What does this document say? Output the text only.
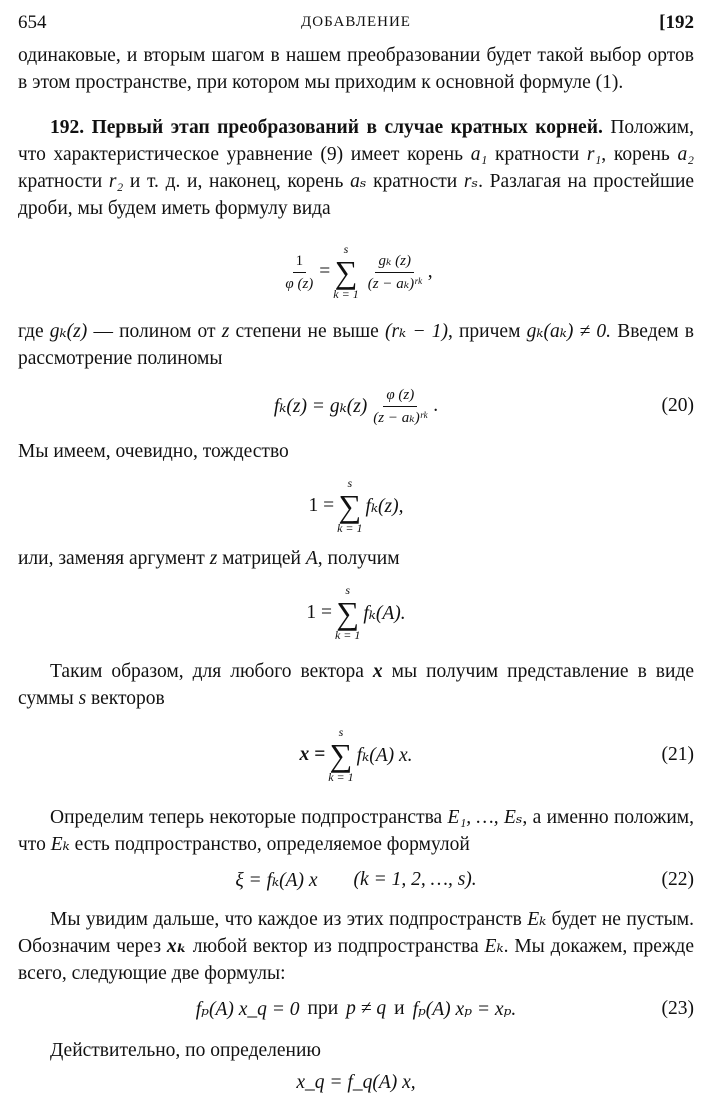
654	ДОБАВЛЕНИЕ	[192

одинаковые, и вторым шагом в нашем преобразовании будет такой выбор ортов в этом пространстве, при котором мы приходим к основной формуле (1).

192. Первый этап преобразований в случае кратных корней. Положим, что характеристическое уравнение (9) имеет корень a₁ кратности r₁, корень a₂ кратности r₂ и т. д. и, наконец, корень aₛ кратности rₛ. Разлагая на простейшие дроби, мы будем иметь формулу вида

$\frac{1}{\varphi (z)}$ =
s
∑
k = 1
$\frac{\text{gₖ (z)}}{\text{(z − aₖ)ʳᵏ}}$ ,

где gₖ(z) — полином от z степени не выше (rₖ − 1), причем gₖ(aₖ) ≠ 0. Введем в рассмотрение полиномы

$f_k(z) = g_k(z) \frac{\varphi (z)}{\text{(z − aₖ)ʳᵏ}}$ .	(20)

Мы имеем, очевидно, тождество

1 =
s
∑
k = 1
fₖ(z),

или, заменяя аргумент z матрицей A, получим

1 =
s
∑
k = 1
fₖ(A).

Таким образом, для любого вектора x мы получим представление в виде суммы s векторов

x =
s
∑
k = 1
fₖ(A) x.	(21)

Определим теперь некоторые подпространства E₁, …, Eₛ, а именно положим, что Eₖ есть подпространство, определяемое формулой

ξ = fₖ(A) x (k = 1, 2, …, s).	(22)

Мы увидим дальше, что каждое из этих подпространств Eₖ будет не пустым. Обозначим через xₖ любой вектор из подпространства Eₖ. Мы докажем, прежде всего, следующие две формулы:

fₚ(A) x_q = 0 при p ≠ q и fₚ(A) xₚ = xₚ.	(23)

Действительно, по определению

x_q = f_q(A) x,
